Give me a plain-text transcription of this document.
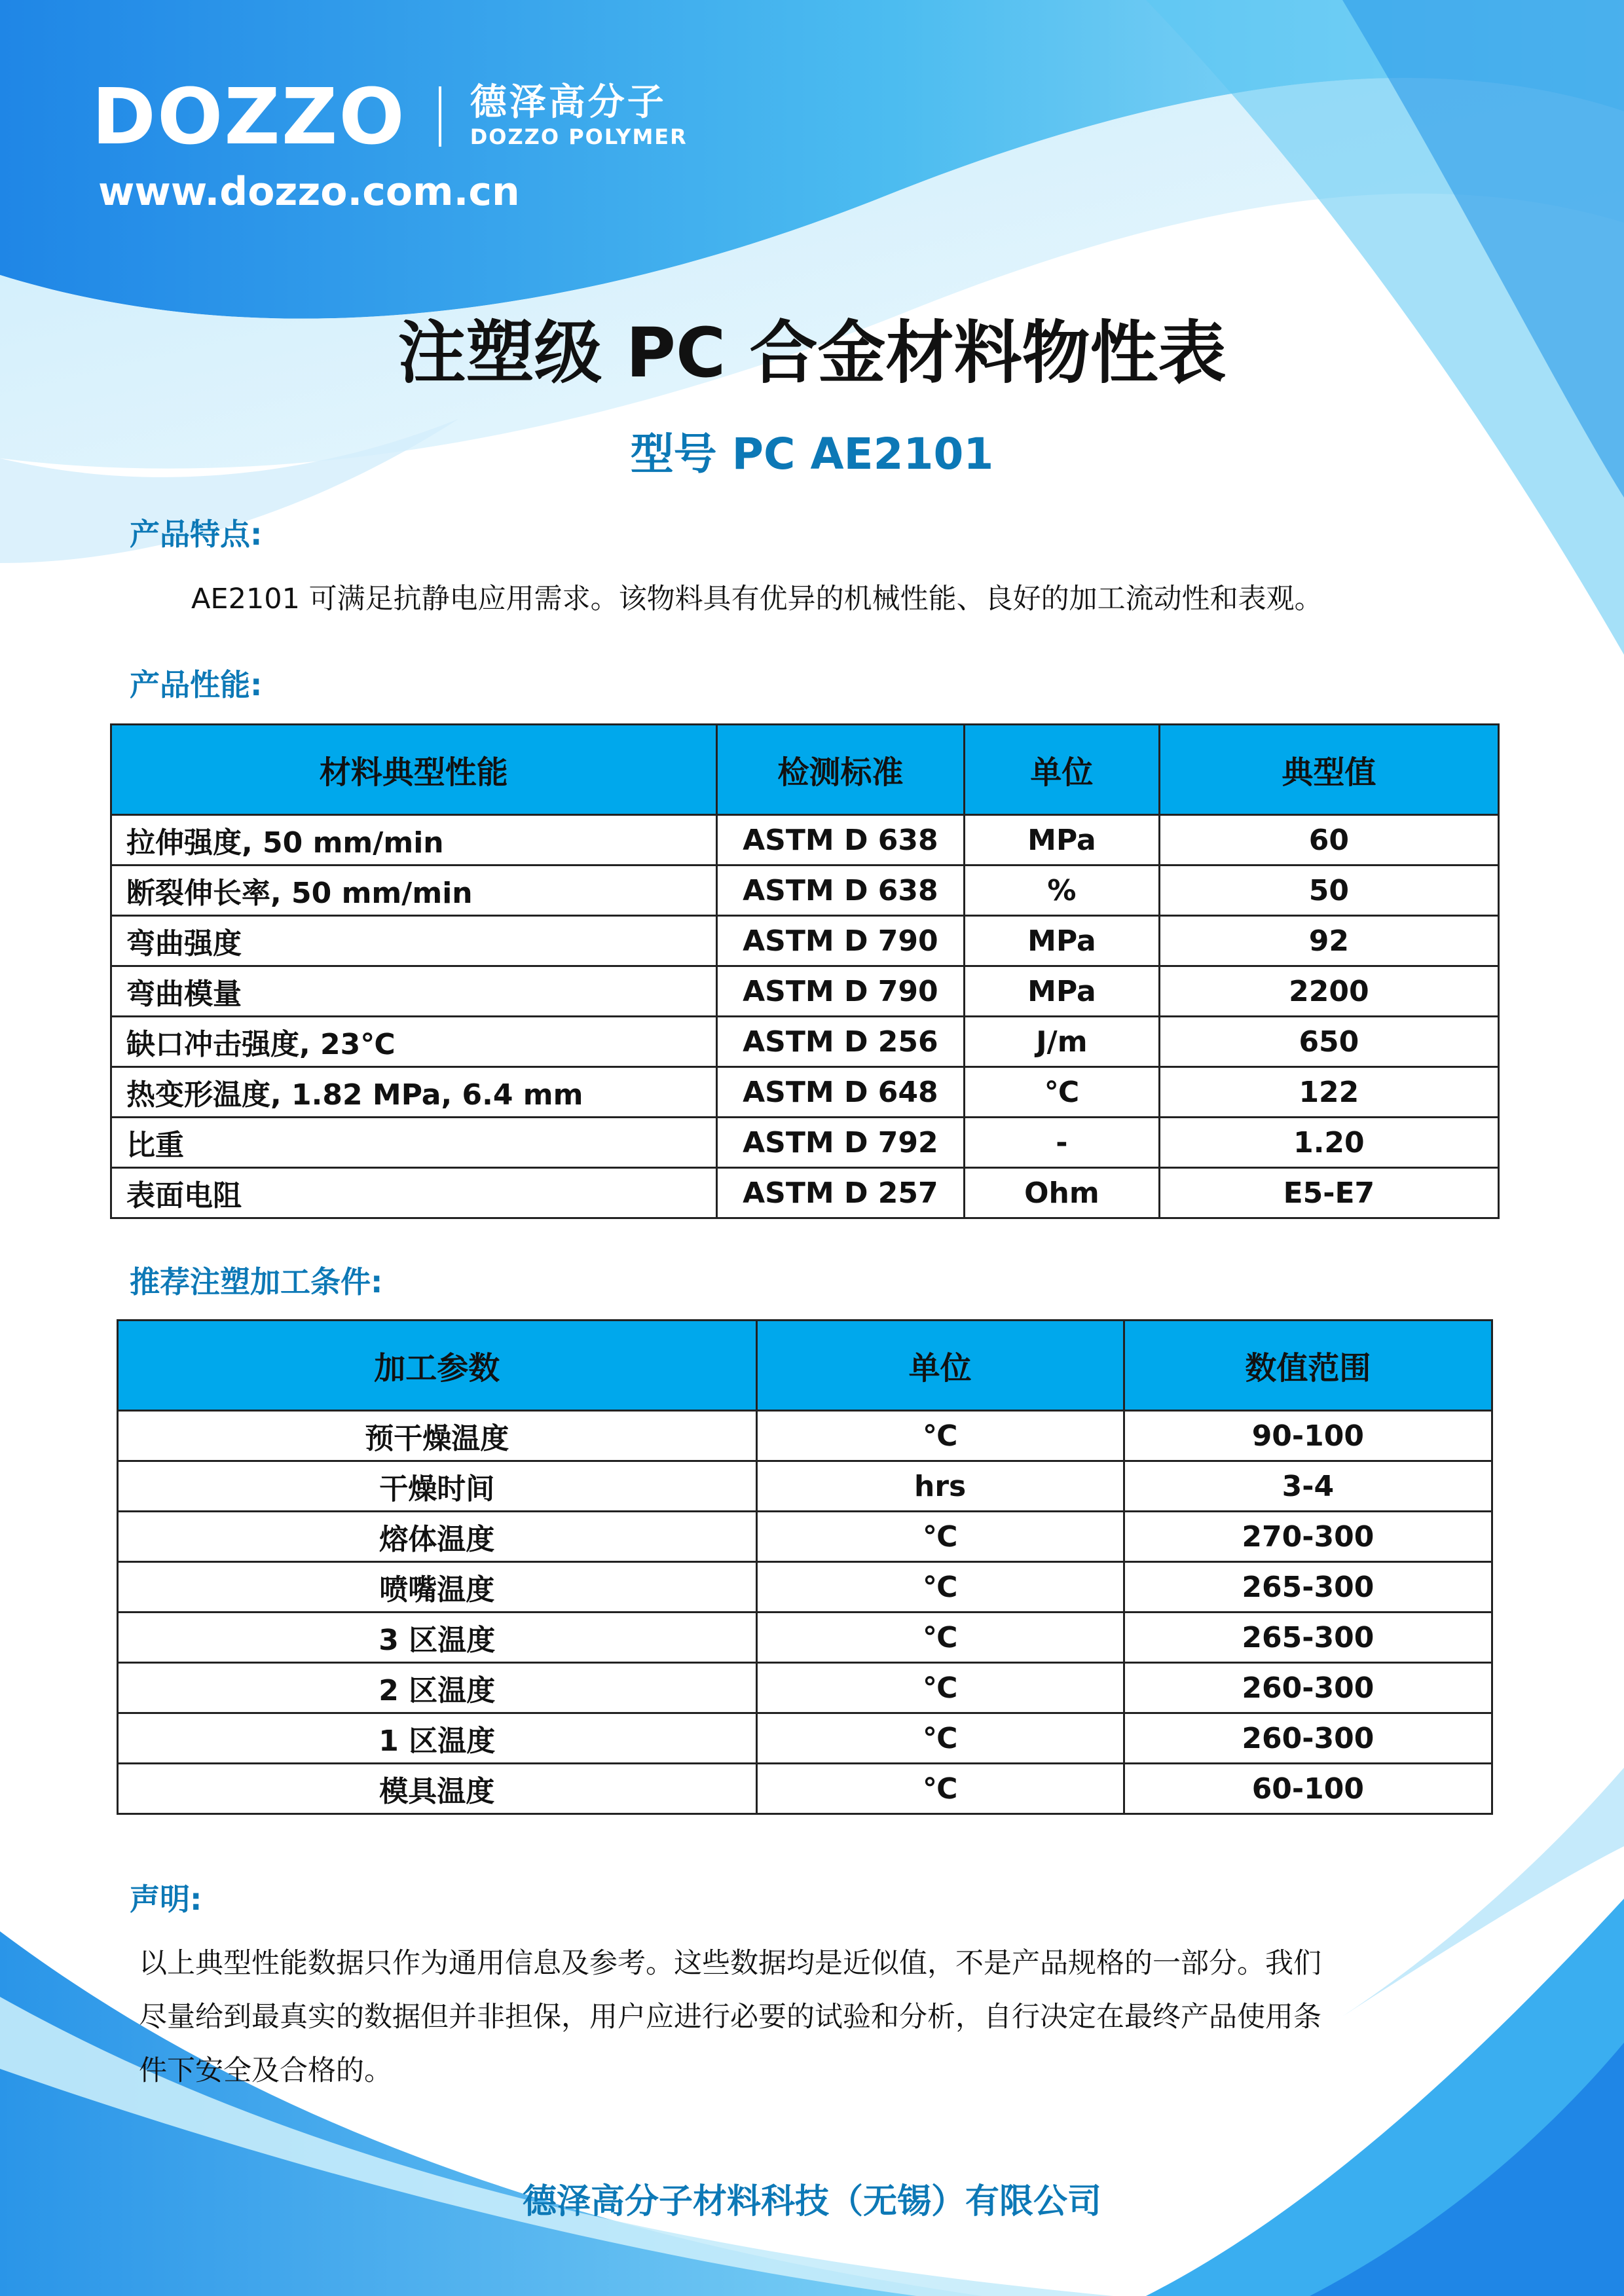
DOZZO 德泽高分子
DOZZO POLYMER
www.dozzo.com.cn
注塑级 PC 合金材料物性表
型号 PC AE2101
产品特点:
AE2101 可满足抗静电应用需求。该物料具有优异的机械性能、良好的加工流动性和表观。
产品性能:
材料典型性能	检测标准	单位	典型值
拉伸强度, 50 mm/min	ASTM D 638	MPa	60
断裂伸长率, 50 mm/min	ASTM D 638	%	50
弯曲强度	ASTM D 790	MPa	92
弯曲模量	ASTM D 790	MPa	2200
缺口冲击强度, 23℃	ASTM D 256	J/m	650
热变形温度, 1.82 MPa, 6.4 mm	ASTM D 648	℃	122
比重	ASTM D 792	-	1.20
表面电阻	ASTM D 257	Ohm	E5-E7
推荐注塑加工条件:
加工参数	单位	数值范围
预干燥温度	℃	90-100
干燥时间	hrs	3-4
熔体温度	℃	270-300
喷嘴温度	℃	265-300
3 区温度	℃	265-300
2 区温度	℃	260-300
1 区温度	℃	260-300
模具温度	℃	60-100
声明:
以上典型性能数据只作为通用信息及参考。这些数据均是近似值，不是产品规格的一部分。我们
尽量给到最真实的数据但并非担保，用户应进行必要的试验和分析，自行决定在最终产品使用条
件下安全及合格的。
德泽高分子材料科技（无锡）有限公司
